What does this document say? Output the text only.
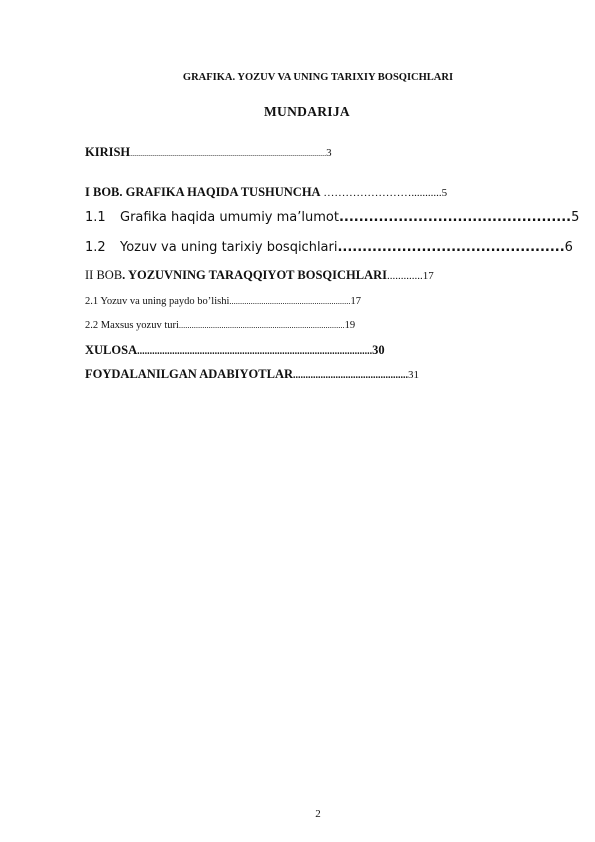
GRAFIKA. YOZUV VA UNING TARIXIY BOSQICHLARI
MUNDARIJA
KIRISH..................................................................................................3
I BOB. GRAFIKA HAQIDA TUSHUNCHA ……………………...........5
1.1 Grafika haqida umumiy ma’lumot...............................................5
1.2 Yozuv va uning tarixiy bosqichlari..............................................6
II BOB. YOZUVNING TARAQQIYOT BOSQICHLARI.............17
2.1 Yozuv va uning paydo bo’lishi.........................................................17
2.2 Maxsus yozuv turi..............................................................................19
XULOSA..............................................................................................30
FOYDALANILGAN ADABIYOTLAR..............................................31
2
